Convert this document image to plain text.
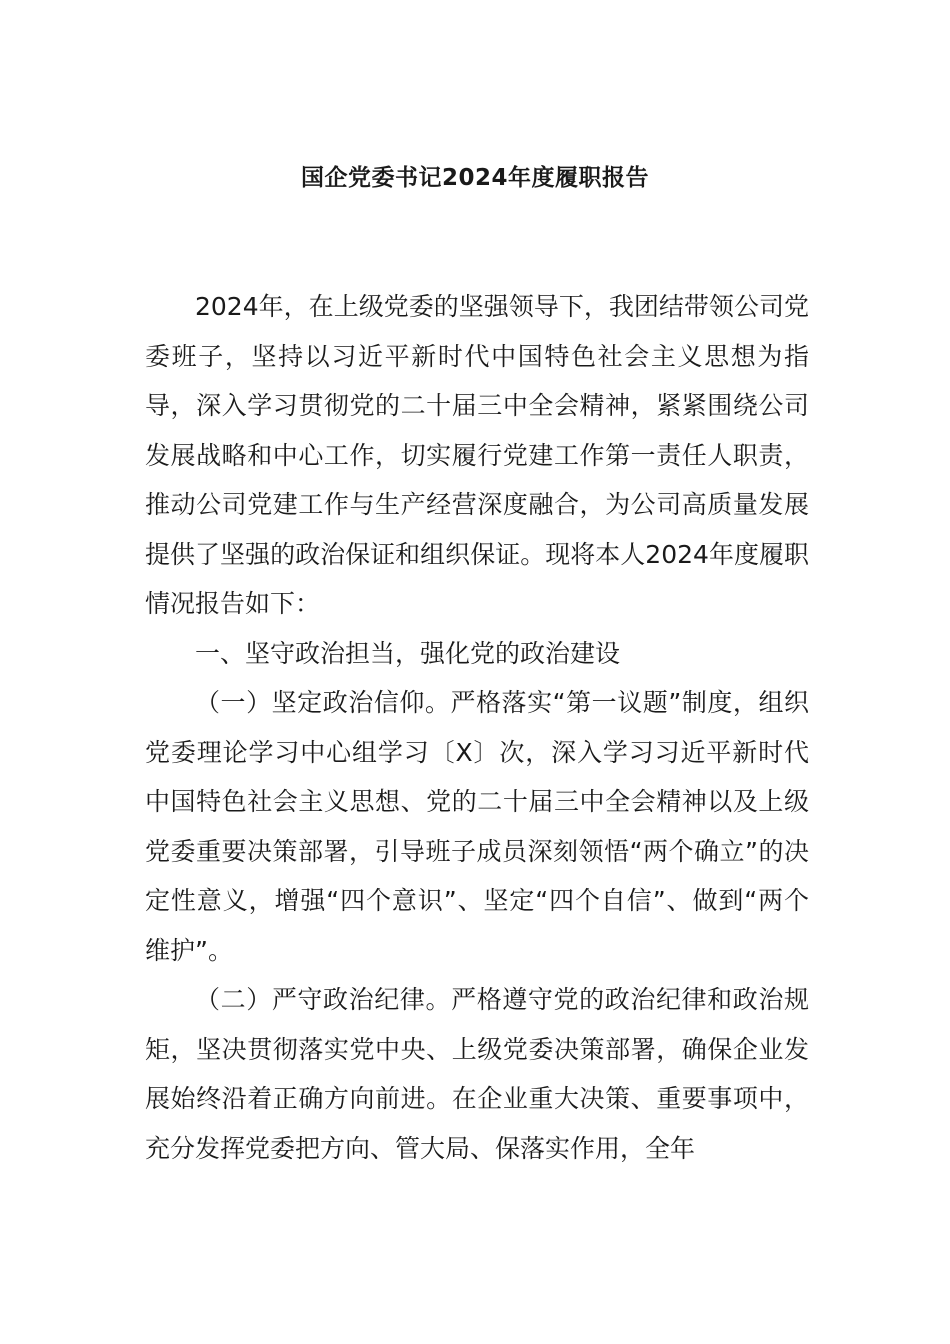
国企党委书记2024年度履职报告

2024年，在上级党委的坚强领导下，我团结带领公司党委班子，坚持以习近平新时代中国特色社会主义思想为指导，深入学习贯彻党的二十届三中全会精神，紧紧围绕公司发展战略和中心工作，切实履行党建工作第一责任人职责，推动公司党建工作与生产经营深度融合，为公司高质量发展提供了坚强的政治保证和组织保证。现将本人2024年度履职情况报告如下：

一、坚守政治担当，强化党的政治建设

（一）坚定政治信仰。严格落实“第一议题”制度，组织党委理论学习中心组学习〔X〕次，深入学习习近平新时代中国特色社会主义思想、党的二十届三中全会精神以及上级党委重要决策部署，引导班子成员深刻领悟“两个确立”的决定性意义，增强“四个意识”、坚定“四个自信”、做到“两个维护”。

（二）严守政治纪律。严格遵守党的政治纪律和政治规矩，坚决贯彻落实党中央、上级党委决策部署，确保企业发展始终沿着正确方向前进。在企业重大决策、重要事项中，充分发挥党委把方向、管大局、保落实作用，全年
